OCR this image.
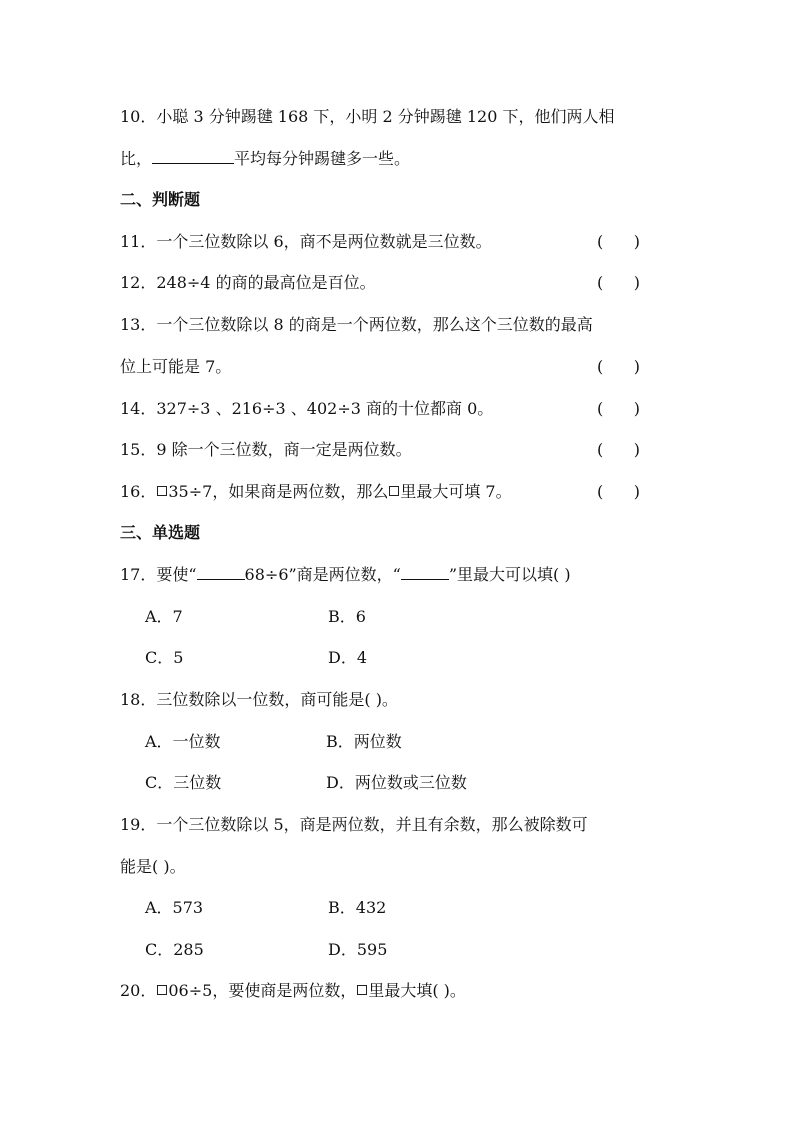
10．小聪 3 分钟踢毽 168 下，小明 2 分钟踢毽 120 下，他们两人相
比，	平均每分钟踢毽多一些。
二、判断题
11．一个三位数除以 6，商不是两位数就是三位数。	(      )
12．248÷4 的商的最高位是百位。	(      )
13．一个三位数除以 8 的商是一个两位数，那么这个三位数的最高
位上可能是 7。	(      )
14．327÷3 、216÷3 、402÷3 商的十位都商 0。	(      )
15．9 除一个三位数，商一定是两位数。	(      )
16． 35÷7，如果商是两位数，那么 里最大可填 7。	(      )
三、单选题
17．要使“	68÷6”商是两位数，“	”里最大可以填( )
A．7	B．6
C．5	D．4
18．三位数除以一位数，商可能是( )。
A．一位数	B．两位数
C．三位数	D．两位数或三位数
19．一个三位数除以 5，商是两位数，并且有余数，那么被除数可
能是( )。
A．573	B．432
C．285	D．595
20． 06÷5，要使商是两位数， 里最大填( )。
